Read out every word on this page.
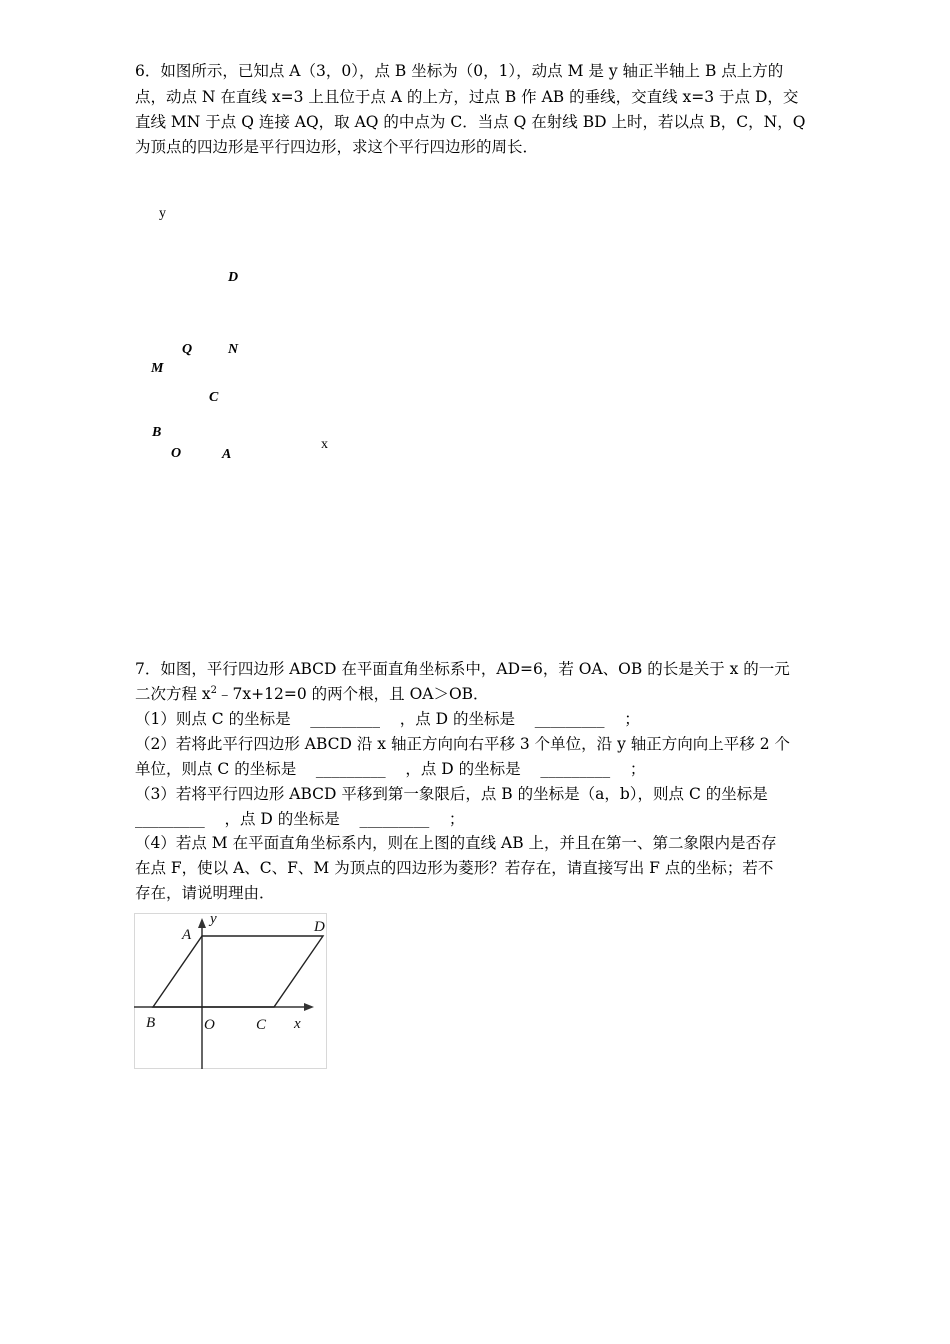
6．如图所示，已知点 A（3，0），点 B 坐标为（0，1），动点 M 是 y 轴正半轴上 B 点上方的
点，动点 N 在直线 x=3 上且位于点 A 的上方，过点 B 作 AB 的垂线，交直线 x=3 于点 D，交
直线 MN 于点 Q 连接 AQ，取 AQ 的中点为 C．当点 Q 在射线 BD 上时，若以点 B，C，N，Q
为顶点的四边形是平行四边形，求这个平行四边形的周长．
y
D
Q	N
M
C
B
O	A
x
7．如图，平行四边形 ABCD 在平面直角坐标系中，AD=6，若 OA、OB 的长是关于 x 的一元
二次方程 $x^2﹣7x+12=0$ 的两个根，且 OA＞OB．
（1）则点 C 的坐标是    _________    ，点 D 的坐标是    _________    ；
（2）若将此平行四边形 ABCD 沿 x 轴正方向向右平移 3 个单位，沿 y 轴正方向向上平移 2 个
单位，则点 C 的坐标是    _________    ，点 D 的坐标是    _________    ；
（3）若将平行四边形 ABCD 平移到第一象限后，点 B 的坐标是（a，b），则点 C 的坐标是
_________    ，点 D 的坐标是    _________    ；
（4）若点 M 在平面直角坐标系内，则在上图的直线 AB 上，并且在第一、第二象限内是否存
在点 F，使以 A、C、F、M 为顶点的四边形为菱形？若存在，请直接写出 F 点的坐标；若不
存在，请说明理由．
A
y	D
B	O	C x
